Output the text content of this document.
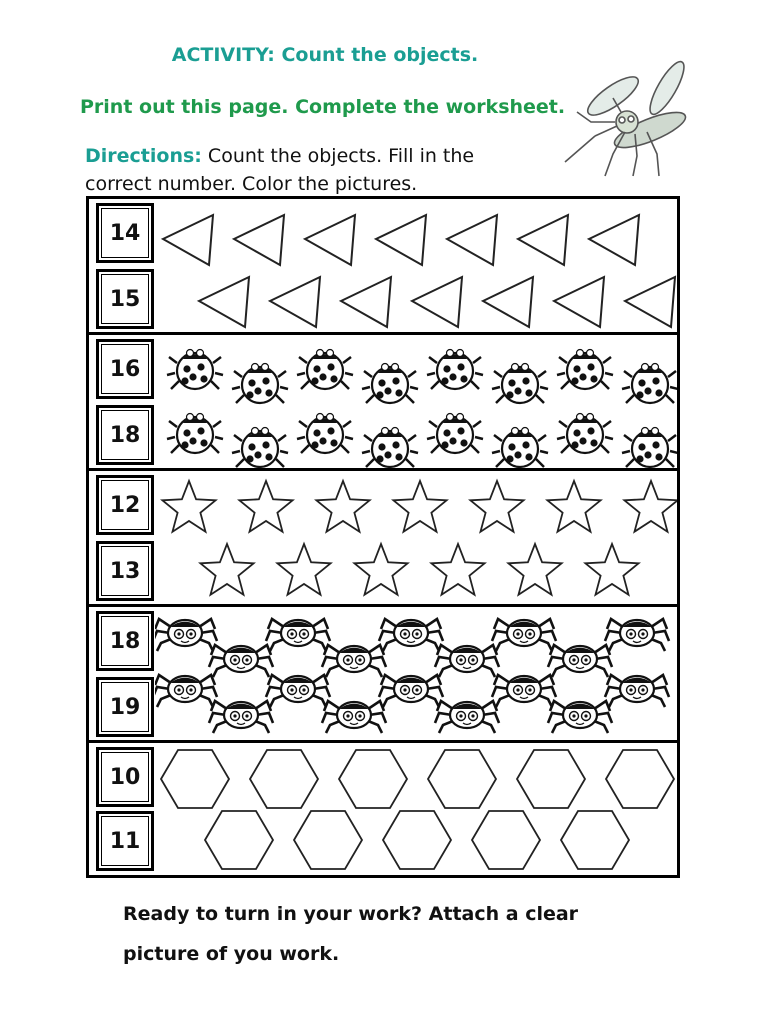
ACTIVITY: Count the objects.
Print out this page. Complete the worksheet.
Directions: Count the objects. Fill in the correct number. Color the pictures.
14
15
16
18
12
13
18
19
10
11
Ready to turn in your work? Attach a clear
picture of you work.
